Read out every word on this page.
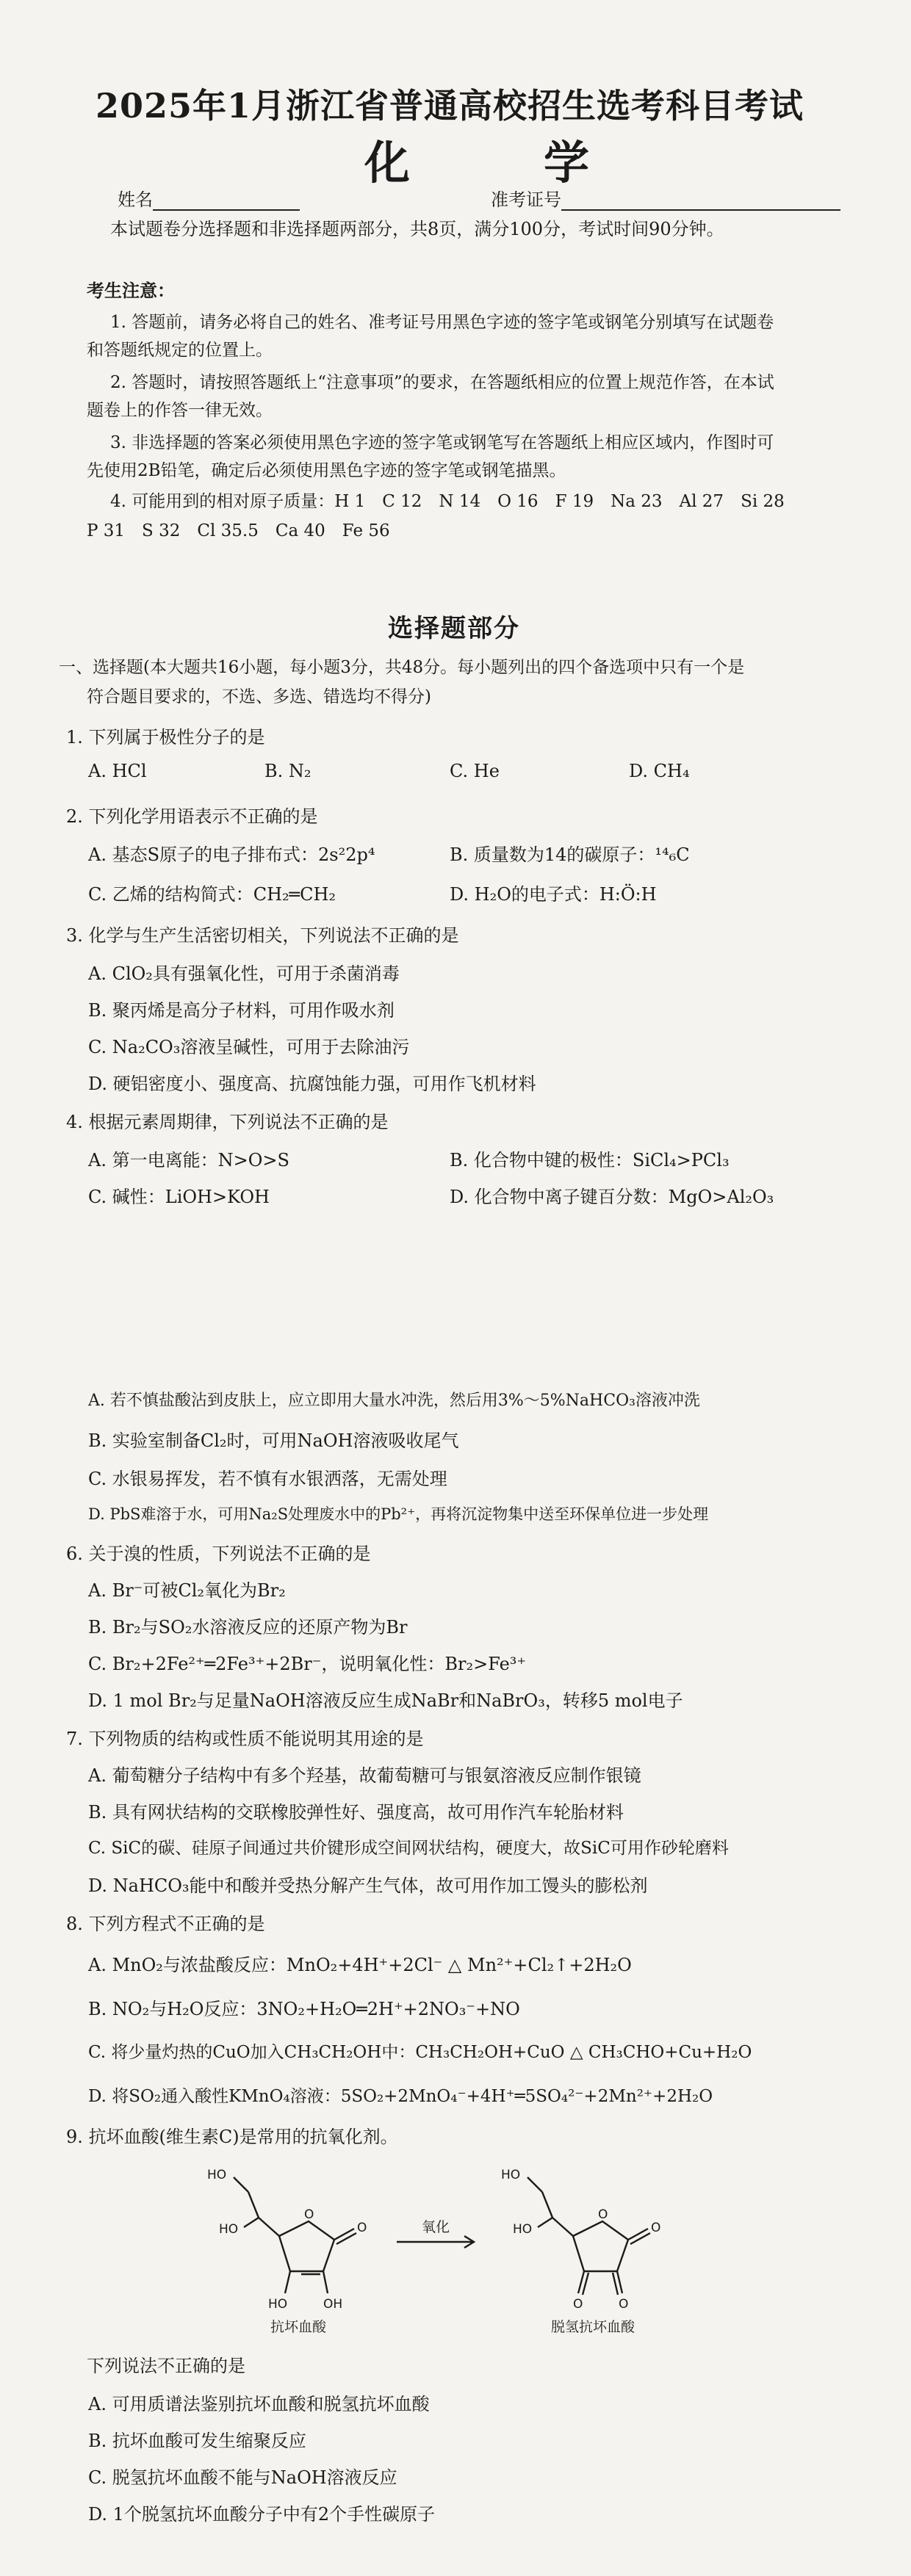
2025年1月浙江省普通高校招生选考科目考试
化　学
姓名	准考证号
本试题卷分选择题和非选择题两部分，共8页，满分100分，考试时间90分钟。
考生注意：
1. 答题前，请务必将自己的姓名、准考证号用黑色字迹的签字笔或钢笔分别填写在试题卷
和答题纸规定的位置上。
2. 答题时，请按照答题纸上“注意事项”的要求，在答题纸相应的位置上规范作答，在本试
题卷上的作答一律无效。
3. 非选择题的答案必须使用黑色字迹的签字笔或钢笔写在答题纸上相应区域内，作图时可
先使用2B铅笔，确定后必须使用黑色字迹的签字笔或钢笔描黑。
4. 可能用到的相对原子质量：H 1　C 12　N 14　O 16　F 19　Na 23　Al 27　Si 28
P 31　S 32　Cl 35.5　Ca 40　Fe 56
选择题部分
一、选择题(本大题共16小题，每小题3分，共48分。每小题列出的四个备选项中只有一个是
符合题目要求的，不选、多选、错选均不得分)
1. 下列属于极性分子的是
A. HCl	B. N₂	C. He	D. CH₄
2. 下列化学用语表示不正确的是
A. 基态S原子的电子排布式：2s²2p⁴	B. 质量数为14的碳原子：¹⁴₆C
C. 乙烯的结构简式：CH₂═CH₂	D. H₂O的电子式：H:Ö:H
3. 化学与生产生活密切相关，下列说法不正确的是
A. ClO₂具有强氧化性，可用于杀菌消毒
B. 聚丙烯是高分子材料，可用作吸水剂
C. Na₂CO₃溶液呈碱性，可用于去除油污
D. 硬铝密度小、强度高、抗腐蚀能力强，可用作飞机材料
4. 根据元素周期律，下列说法不正确的是
A. 第一电离能：N>O>S	B. 化合物中键的极性：SiCl₄>PCl₃
C. 碱性：LiOH>KOH	D. 化合物中离子键百分数：MgO>Al₂O₃
A. 若不慎盐酸沾到皮肤上，应立即用大量水冲洗，然后用3%～5%NaHCO₃溶液冲洗
B. 实验室制备Cl₂时，可用NaOH溶液吸收尾气
C. 水银易挥发，若不慎有水银洒落，无需处理
D. PbS难溶于水，可用Na₂S处理废水中的Pb²⁺，再将沉淀物集中送至环保单位进一步处理
6. 关于溴的性质，下列说法不正确的是
A. Br⁻可被Cl₂氧化为Br₂
B. Br₂与SO₂水溶液反应的还原产物为Br
C. Br₂+2Fe²⁺═2Fe³⁺+2Br⁻，说明氧化性：Br₂>Fe³⁺
D. 1 mol Br₂与足量NaOH溶液反应生成NaBr和NaBrO₃，转移5 mol电子
7. 下列物质的结构或性质不能说明其用途的是
A. 葡萄糖分子结构中有多个羟基，故葡萄糖可与银氨溶液反应制作银镜
B. 具有网状结构的交联橡胶弹性好、强度高，故可用作汽车轮胎材料
C. SiC的碳、硅原子间通过共价键形成空间网状结构，硬度大，故SiC可用作砂轮磨料
D. NaHCO₃能中和酸并受热分解产生气体，故可用作加工馒头的膨松剂
8. 下列方程式不正确的是
A. MnO₂与浓盐酸反应：MnO₂+4H⁺+2Cl⁻ △ Mn²⁺+Cl₂↑+2H₂O
B. NO₂与H₂O反应：3NO₂+H₂O═2H⁺+2NO₃⁻+NO
C. 将少量灼热的CuO加入CH₃CH₂OH中：CH₃CH₂OH+CuO △ CH₃CHO+Cu+H₂O
D. 将SO₂通入酸性KMnO₄溶液：5SO₂+2MnO₄⁻+4H⁺═5SO₄²⁻+2Mn²⁺+2H₂O
9. 抗坏血酸(维生素C)是常用的抗氧化剂。
HO
HO
O
O
HO	OH
HO
HO
O
O
O	O
氧化
抗坏血酸	脱氢抗坏血酸
下列说法不正确的是
A. 可用质谱法鉴别抗坏血酸和脱氢抗坏血酸
B. 抗坏血酸可发生缩聚反应
C. 脱氢抗坏血酸不能与NaOH溶液反应
D. 1个脱氢抗坏血酸分子中有2个手性碳原子
